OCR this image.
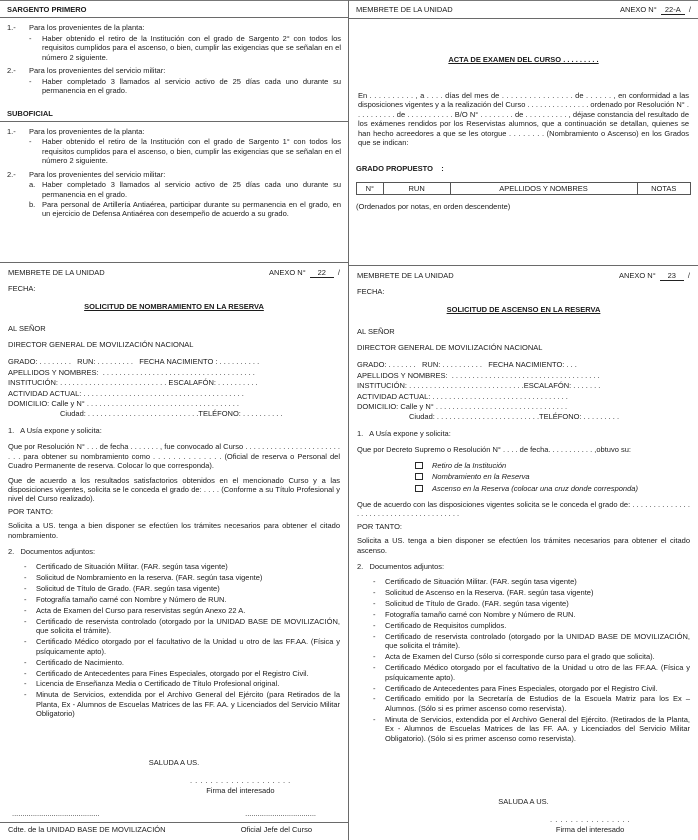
SARGENTO PRIMERO
1.-	Para los provenientes de la planta:
-	Haber obtenido el retiro de la Institución con el grado de Sargento 2° con todos los requisitos cumplidos para el ascenso, o bien, cumplir las exigencias que se señalan en el número 2 siguiente.
2.-	Para los provenientes del servicio militar:
-	Haber completado 3 llamados al servicio activo de 25 días cada uno durante su permanencia en el grado.
SUBOFICIAL
1.-	Para los provenientes de la planta:
-	Haber obtenido el retiro de la Institución con el grado de Sargento 1° con todos los requisitos cumplidos para el ascenso, o bien, cumplir las exigencias que se señalan en el número 2 siguiente.
2.-	Para los provenientes del servicio militar:
a. Haber completado 3 llamados al servicio activo de 25 días cada uno durante su permanencia en el grado.
b. Para personal de Artillería Antiaérea, participar durante su permanencia en el grado, en un ejercicio de Defensa Antiaérea con desempeño de acuerdo a su grado.
MEMBRETE DE LA UNIDAD	ANEXO N° 22 /
FECHA:
SOLICITUD DE NOMBRAMIENTO EN LA RESERVA
AL SEÑOR
DIRECTOR GENERAL DE MOVILIZACIÓN NACIONAL
GRADO: . . . . . . . .   RUN: . . . . . . . . .   FECHA NACIMIENTO : . . . . . . . . . .
APELLIDOS Y NOMBRES:  . . . . . . . . . . . . . . . . . . . . . . . . . . . . . . . . . . . . .
INSTITUCIÓN: . . . . . . . . . . . . . . . . . . . . . . . . . . ESCALAFÓN: . . . . . . . . . .
ACTIVIDAD ACTUAL: . . . . . . . . . . . . . . . . . . . . . . . . . . . . . . . . . . . . . . .
DOMICILIO: Calle y N° . . . . . . . . . . . . . . . . . . . . . . . . . . . . . . . . . . . . .
Ciudad: . . . . . . . . . . . . . . . . . . . . . . . . . . .TELÉFONO: . . . . . . . . . .
1.   A Usía expone y solicita:

Que por Resolución N° . . . de fecha . . . . . . . , fue convocado al Curso . . . . . . . . . . . . . . . . . . . . . . . . . . para obtener su nombramiento como . . . . . . . . . . . . . . (Oficial de reserva o Personal del Cuadro Permanente de reserva. Colocar lo que corresponda).

Que de acuerdo a los resultados satisfactorios obtenidos en el mencionado Curso y a las disposiciones vigentes, solicita se le conceda el grado de: . . . . (Conforme a su Título Profesional y nivel del Curso realizado).

POR TANTO:

Solicita a US. tenga a bien disponer se efectúen los trámites necesarios para obtener el citado nombramiento.

2.   Documentos adjuntos:
-	Certificado de Situación Militar. (FAR. según tasa vigente)
-	Solicitud de Nombramiento en la reserva. (FAR. según tasa vigente)
-	Solicitud de Título de Grado. (FAR. según tasa vigente)
-	Fotografía tamaño carné con Nombre y Número de RUN.
-	Acta de Examen del Curso para reservistas según Anexo 22 A.
-	Certificado de reservista controlado (otorgado por la UNIDAD BASE DE MOVILIZACIÓN, que solicita el trámite).
-	Certificado Médico otorgado por el facultativo de la Unidad u otro de las FF.AA. (Física y psíquicamente apto).
-	Certificado de Nacimiento.
-	Certificado de Antecedentes para Fines Especiales, otorgado por el Registro Civil.
-	Licencia de Enseñanza Media o Certificado de Título Profesional original.
-	Minuta de Servicios, extendida por el Archivo General del Ejército (para Retirados de la Planta, Ex - Alumnos de Escuelas Matrices de las FF. AA. y Licenciados del Servicio Militar Obligatorio)
SALUDA A US.
. . . . . . . . . . . . . . . . . . . .
Firma del interesado
..........................................	..................................
Cdte. de la UNIDAD BASE DE MOVILIZACIÓN	Oficial Jefe del Curso
MEMBRETE DE LA UNIDAD	ANEXO N° 22-A /
ACTA DE EXAMEN DEL CURSO . . . . . . . . .

En . . . . . . . . . . , a . . . . días del mes de . . . . . . . . . . . . . . . . de . . . . . . , en conformidad a las disposiciones vigentes y a la realización del Curso . . . . . . . . . . . . . . . ordenado por Resolución N° . . . . . . . . . . de . . . . . . . . . . . B/O N° . . . . . . . . de . . . . . . . . . . , déjase constancia del resultado de los exámenes rendidos por los Reservistas alumnos, que a continuación se detallan, quienes se han hecho acreedores a que se les otorgue . . . . . . . . (Nombramiento o Ascenso) en los Grados que se indican:

GRADO PROPUESTO    :
N°	RUN	APELLIDOS Y NOMBRES	NOTAS
(Ordenados por notas, en orden descendente)
MEMBRETE DE LA UNIDAD	ANEXO N° 23 /
FECHA:
SOLICITUD DE ASCENSO EN LA RESERVA
AL SEÑOR
DIRECTOR GENERAL DE MOVILIZACIÓN NACIONAL
GRADO: . . . . . . .   RUN: . . . . . . . . . .   FECHA NACIMIENTO: . . .
APELLIDOS Y NOMBRES:  . . . . . . . . . . . . . . . . . . . . . . . . . . . . . . . . . . . .
INSTITUCIÓN: . . . . . . . . . . . . . . . . . . . . . . . . . . . .ESCALAFÓN: . . . . . . .
ACTIVIDAD ACTUAL: . . . . . . . . . . . . . . . . . . . . . . . . . . . . . . . . .
DOMICILIO: Calle y N° . . . . . . . . . . . . . . . . . . . . . . . . . . . . . . . .
Ciudad: . . . . . . . . . . . . . . . . . . . . . . . . .TELÉFONO: . . . . . . . . .
1.   A Usía expone y solicita:

Que por Decreto Supremo o Resolución N° . . . . de fecha. . . . . . . . . . . ,obtuvo su:

Retiro de la Institución
Nombramiento en la Reserva
Ascenso en la Reserva (colocar una cruz donde corresponda)

Que de acuerdo con las disposiciones vigentes solicita se le conceda el grado de: . . . . . . . . . . . . . . . . . . . . . . . . . . . . . . . . . . . . . . .

POR TANTO:

Solicita a US. tenga a bien disponer se efectúen los trámites necesarios para obtener el citado ascenso.

2.   Documentos adjuntos:
-	Certificado de Situación Militar. (FAR. según tasa vigente)
-	Solicitud de Ascenso en la Reserva. (FAR. según tasa vigente)
-	Solicitud de Título de Grado. (FAR. según tasa vigente)
-	Fotografía tamaño carné con Nombre y Número de RUN.
-	Certificado de Requisitos cumplidos.
-	Certificado de reservista controlado (otorgado por la UNIDAD BASE DE MOVILIZACIÓN, que solicita el trámite).
-	Acta de Examen del Curso (sólo si corresponde curso para el grado que solicita).
-	Certificado Médico otorgado por el facultativo de la Unidad u otro de las FF.AA. (Física y psíquicamente apto).
-	Certificado de Antecedentes para Fines Especiales, otorgado por el Registro Civil.
-	Certificado emitido por la Secretaría de Estudios de la Escuela Matriz para los Ex –Alumnos. (Sólo si es primer ascenso como reservista).
-	Minuta de Servicios, extendida por el Archivo General del Ejército. (Retirados de la Planta, Ex - Alumnos de Escuelas Matrices de las FF. AA. y Licenciados del Servicio Militar Obligatorio). (Sólo si es primer ascenso como reservista).
SALUDA A US.
. . . . . . . . . . . . . . . .
Firma del interesado
